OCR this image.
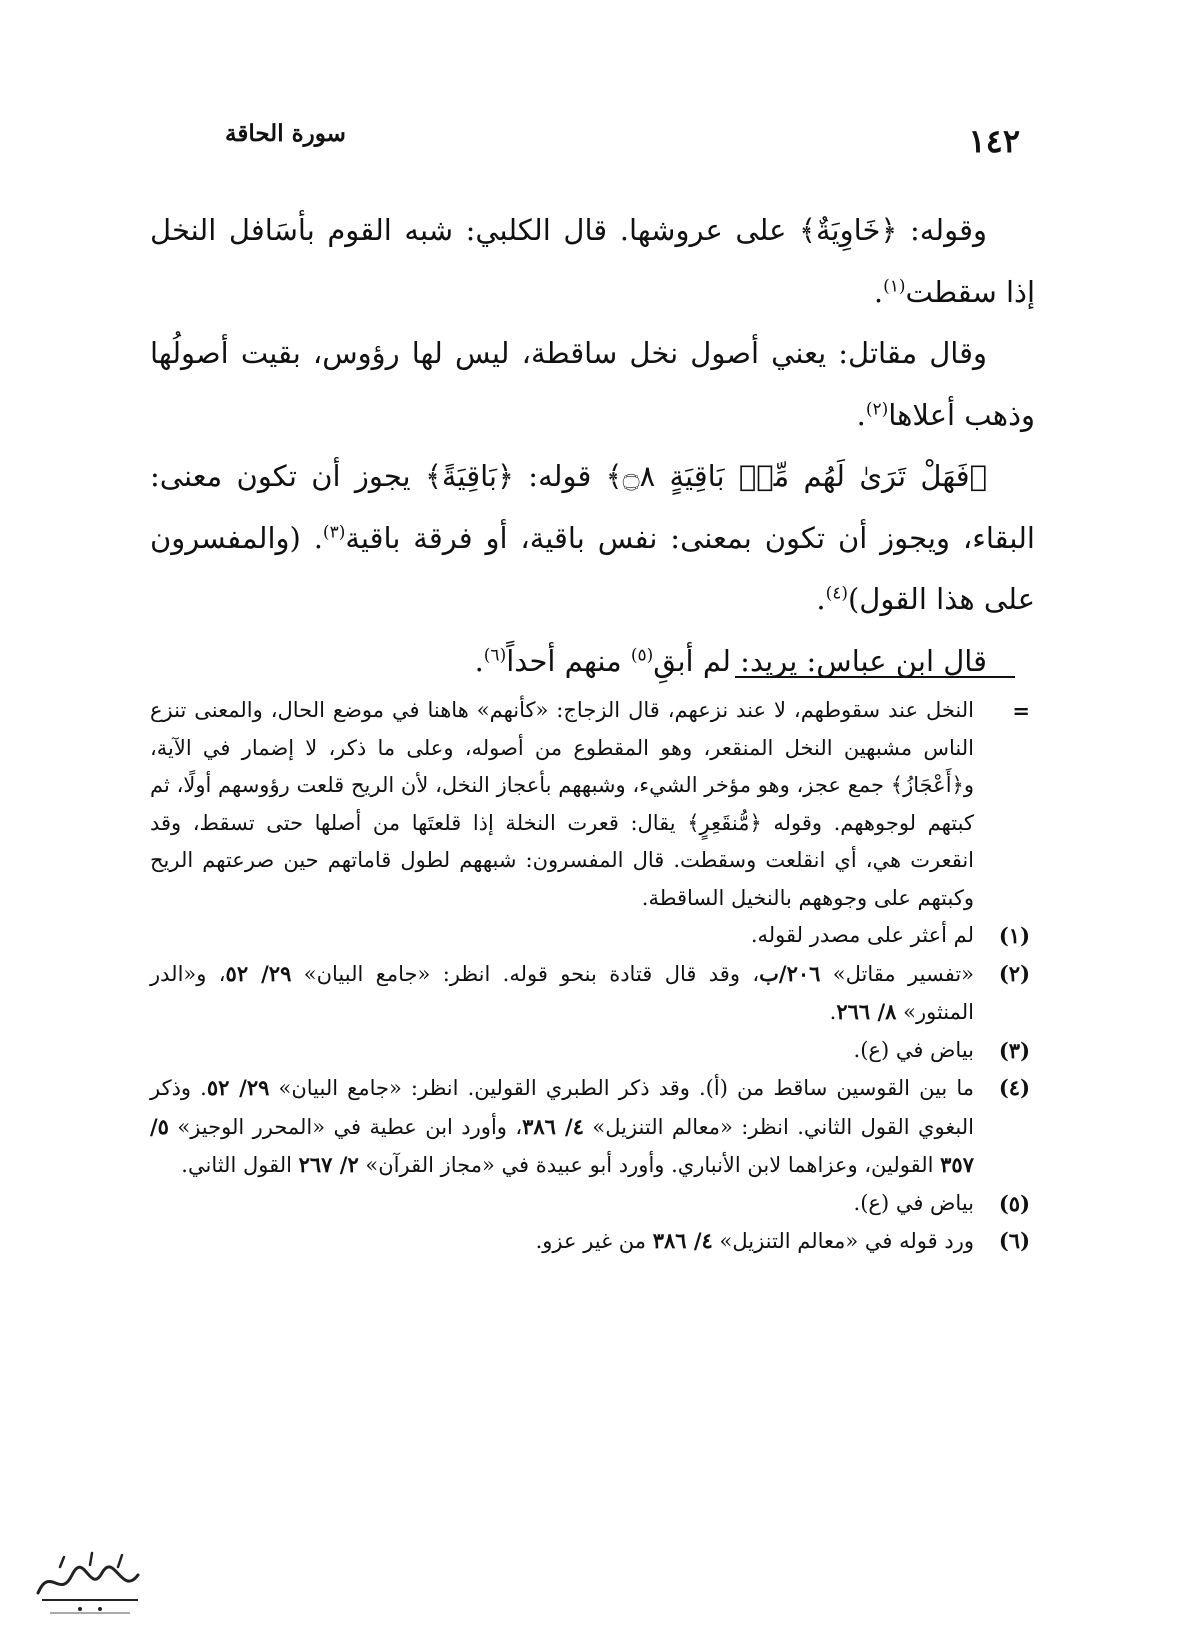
١٤٢
سورة الحاقة

وقوله: ﴿خَاوِيَةٌ﴾ على عروشها. قال الكلبي: شبه القوم بأسَافل النخل إذا سقطت$^{(١)}$.

وقال مقاتل: يعني أصول نخل ساقطة، ليس لها رؤوس، بقيت أصولُها وذهب أعلاها$^{(٢)}$.

﴿فَهَلْ تَرَىٰ لَهُم مِّنۢ بَاقِيَةٍ ۝٨﴾ قوله: ﴿بَاقِيَةً﴾ يجوز أن تكون معنى: البقاء، ويجوز أن تكون بمعنى: نفس باقية، أو فرقة باقية$^{(٣)}$. (والمفسرون على هذا القول)$^{(٤)}$.

قال ابن عباس: يريد: لم أبقِ$^{(٥)}$ منهم أحداً$^{(٦)}$.

=
النخل عند سقوطهم، لا عند نزعهم، قال الزجاج: «كأنهم» هاهنا في موضع الحال، والمعنى تنزع الناس مشبهين النخل المنقعر، وهو المقطوع من أصوله، وعلى ما ذكر، لا إضمار في الآية، و﴿أَعْجَازُ﴾ جمع عجز، وهو مؤخر الشيء، وشبههم بأعجاز النخل، لأن الريح قلعت رؤوسهم أولًا، ثم كبتهم لوجوههم. وقوله ﴿مُّنقَعِرٍ﴾ يقال: قعرت النخلة إذا قلعتَها من أصلها حتى تسقط، وقد انقعرت هي، أي انقلعت وسقطت. قال المفسرون: شبههم لطول قاماتهم حين صرعتهم الريح وكبتهم على وجوههم بالنخيل الساقطة.
(١)
لم أعثر على مصدر لقوله.
(٢)
«تفسير مقاتل» ٢٠٦/ب، وقد قال قتادة بنحو قوله. انظر: «جامع البيان» ٢٩/ ٥٢، و«الدر المنثور» ٨/ ٢٦٦.
(٣)
بياض في (ع).
(٤)
ما بين القوسين ساقط من (أ). وقد ذكر الطبري القولين. انظر: «جامع البيان» ٢٩/ ٥٢. وذكر البغوي القول الثاني. انظر: «معالم التنزيل» ٤/ ٣٨٦، وأورد ابن عطية في «المحرر الوجيز» ٥/ ٣٥٧ القولين، وعزاهما لابن الأنباري. وأورد أبو عبيدة في «مجاز القرآن» ٢/ ٢٦٧ القول الثاني.
(٥)
بياض في (ع).
(٦)
ورد قوله في «معالم التنزيل» ٤/ ٣٨٦ من غير عزو.
